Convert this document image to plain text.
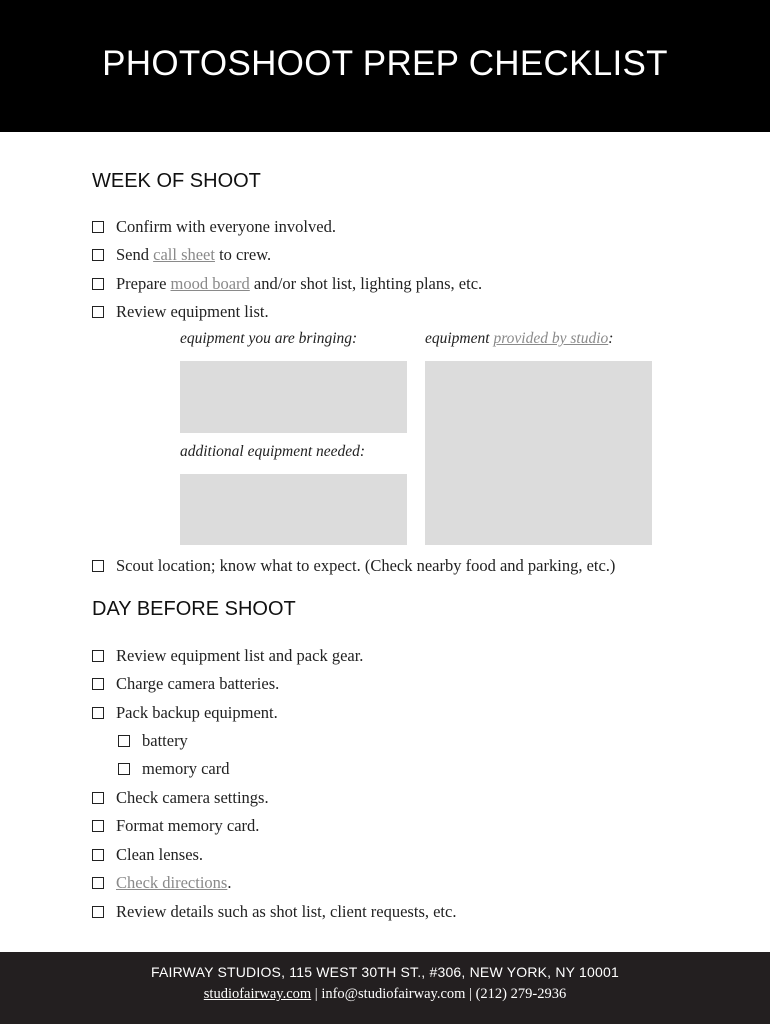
PHOTOSHOOT PREP CHECKLIST
WEEK OF SHOOT
Confirm with everyone involved.
Send call sheet to crew.
Prepare mood board and/or shot list, lighting plans, etc.
Review equipment list.
equipment you are bringing:	equipment provided by studio:
additional equipment needed:
Scout location; know what to expect. (Check nearby food and parking, etc.)
DAY BEFORE SHOOT
Review equipment list and pack gear.
Charge camera batteries.
Pack backup equipment.
battery
memory card
Check camera settings.
Format memory card.
Clean lenses.
Check directions .
Review details such as shot list, client requests, etc.
FAIRWAY STUDIOS, 115 WEST 30TH ST., #306, NEW YORK, NY 10001
studiofairway.com | info@studiofairway.com | (212) 279-2936
